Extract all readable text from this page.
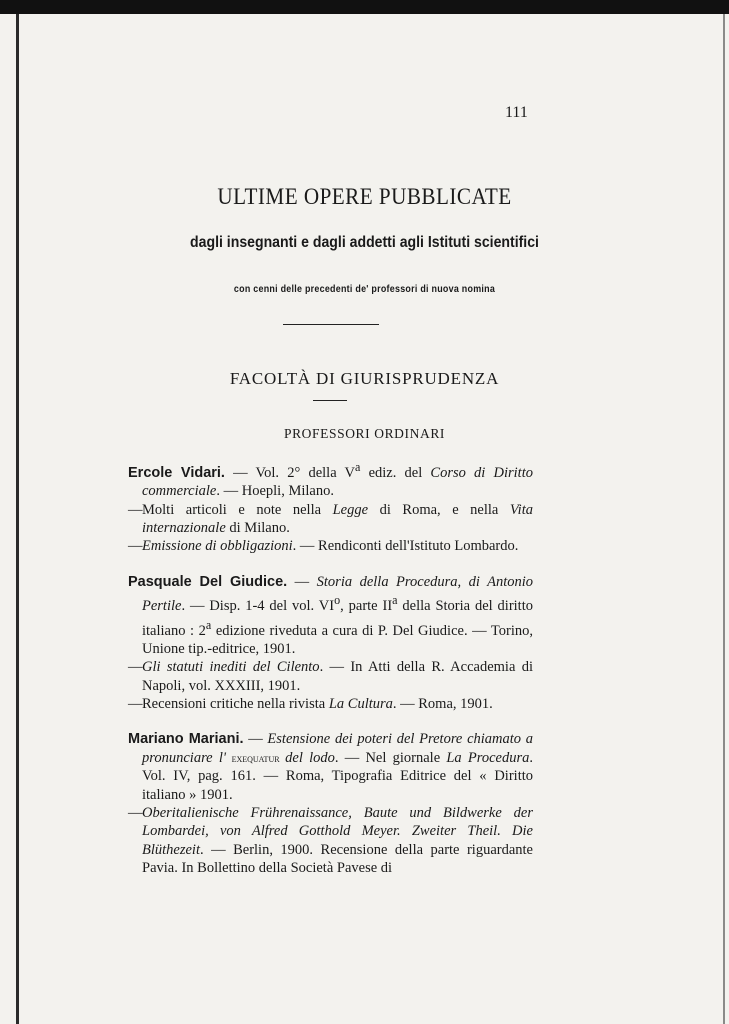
111
ULTIME OPERE PUBBLICATE
dagli insegnanti e dagli addetti agli Istituti scientifici
con cenni delle precedenti de' professori di nuova nomina
FACOLTÀ DI GIURISPRUDENZA
PROFESSORI ORDINARI
Ercole Vidari. — Vol. 2° della $V^a$ ediz. del Corso di Diritto commerciale. — Hoepli, Milano.
—Molti articoli e note nella Legge di Roma, e nella Vita internazionale di Milano.
—Emissione di obbligazioni. — Rendiconti dell'Istituto Lombardo.
Pasquale Del Giudice. — Storia della Procedura, di Antonio Pertile. — Disp. 1-4 del vol. $VI^o$, parte $II^a$ della Storia del diritto italiano : 2$^a$ edizione riveduta a cura di P. Del Giudice. — Torino, Unione tip.-editrice, 1901.
—Gli statuti inediti del Cilento. — In Atti della R. Accademia di Napoli, vol. XXXIII, 1901.
—Recensioni critiche nella rivista La Cultura. — Roma, 1901.
Mariano Mariani. — Estensione dei poteri del Pretore chiamato a pronunciare l' exequatur del lodo. — Nel giornale La Procedura. Vol. IV, pag. 161. — Roma, Tipografia Editrice del « Diritto italiano » 1901.
—Oberitalienische Frührenaissance, Baute und Bildwerke der Lombardei, von Alfred Gotthold Meyer. Zweiter Theil. Die Blüthezeit. — Berlin, 1900. Recensione della parte riguardante Pavia. In Bollettino della Società Pavese di
